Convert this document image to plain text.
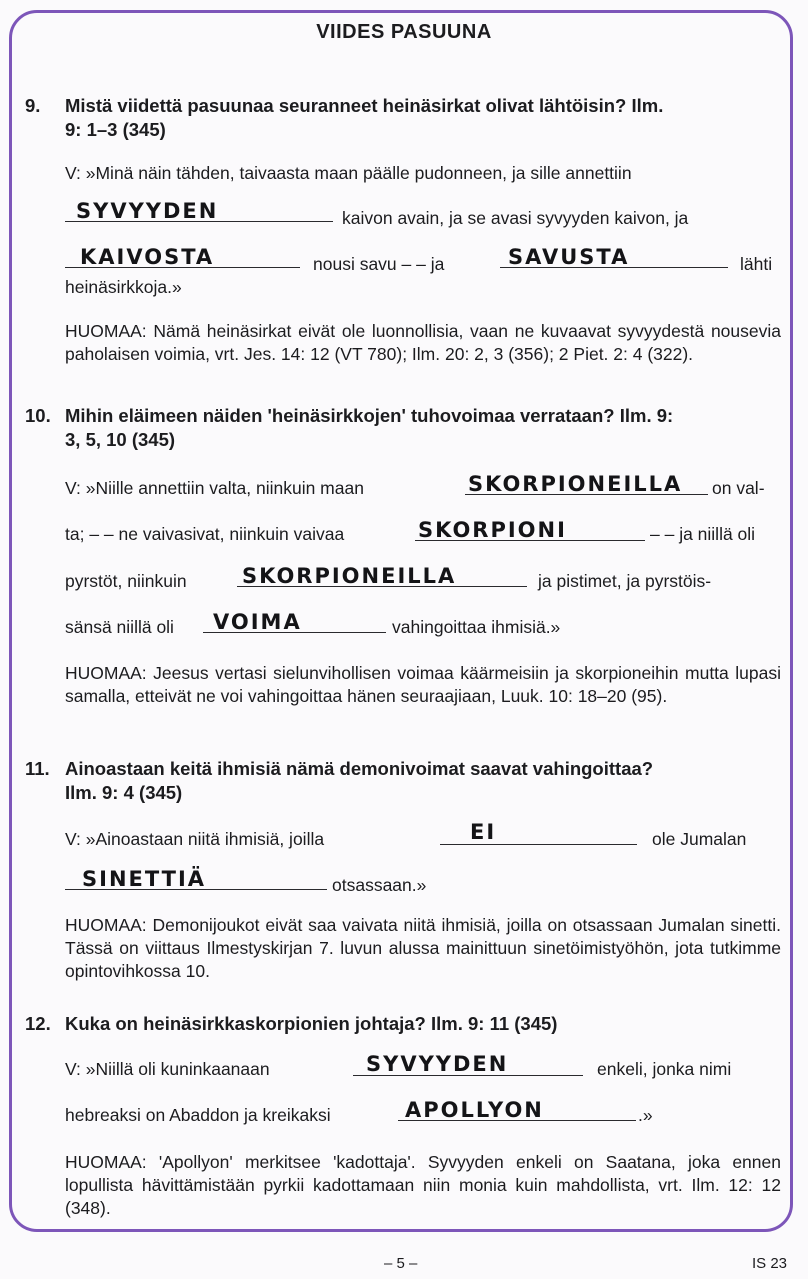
VIIDES PASUUNA
9. Mistä viidettä pasuunaa seuranneet heinäsirkat olivat lähtöisin? Ilm.
9: 1–3 (345)
V: »Minä näin tähden, taivaasta maan päälle pudonneen, ja sille annettiin
SYVYYDEN	kaivon avain, ja se avasi syvyyden kaivon, ja
KAIVOSTA	nousi savu – – ja	SAVUSTA	lähti
heinäsirkkoja.»
HUOMAA: Nämä heinäsirkat eivät ole luonnollisia, vaan ne kuvaavat syvyydestä nousevia paholaisen voimia, vrt. Jes. 14: 12 (VT 780); Ilm. 20: 2, 3 (356); 2 Piet. 2: 4 (322).
10. Mihin eläimeen näiden 'heinäsirkkojen' tuhovoimaa verrataan? Ilm. 9:
3, 5, 10 (345)
V: »Niille annettiin valta, niinkuin maan	SKORPIONEILLA on val-
ta; – – ne vaivasivat, niinkuin vaivaa	SKORPIONI	– – ja niillä oli
pyrstöt, niinkuin	SKORPIONEILLA	ja pistimet, ja pyrstöis-
sänsä niillä oli VOIMA	vahingoittaa ihmisiä.»
HUOMAA: Jeesus vertasi sielunvihollisen voimaa käärmeisiin ja skorpioneihin mutta lupasi samalla, etteivät ne voi vahingoittaa hänen seuraajiaan, Luuk. 10: 18–20 (95).
11. Ainoastaan keitä ihmisiä nämä demonivoimat saavat vahingoittaa?
Ilm. 9: 4 (345)
V: »Ainoastaan niitä ihmisiä, joilla	EI	ole Jumalan
SINETTIÄ	otsassaan.»
HUOMAA: Demonijoukot eivät saa vaivata niitä ihmisiä, joilla on otsassaan Jumalan sinetti. Tässä on viittaus Ilmestyskirjan 7. luvun alussa mainittuun sinetöimistyöhön, jota tutkimme opintovihkossa 10.
12. Kuka on heinäsirkkaskorpionien johtaja? Ilm. 9: 11 (345)
V: »Niillä oli kuninkaanaan	SYVYYDEN	enkeli, jonka nimi
hebreaksi on Abaddon ja kreikaksi	APOLLYON	.»
HUOMAA: 'Apollyon' merkitsee 'kadottaja'. Syvyyden enkeli on Saatana, joka ennen lopullista hävittämistään pyrkii kadottamaan niin monia kuin mahdollista, vrt. Ilm. 12: 12 (348).
– 5 –	IS 23
